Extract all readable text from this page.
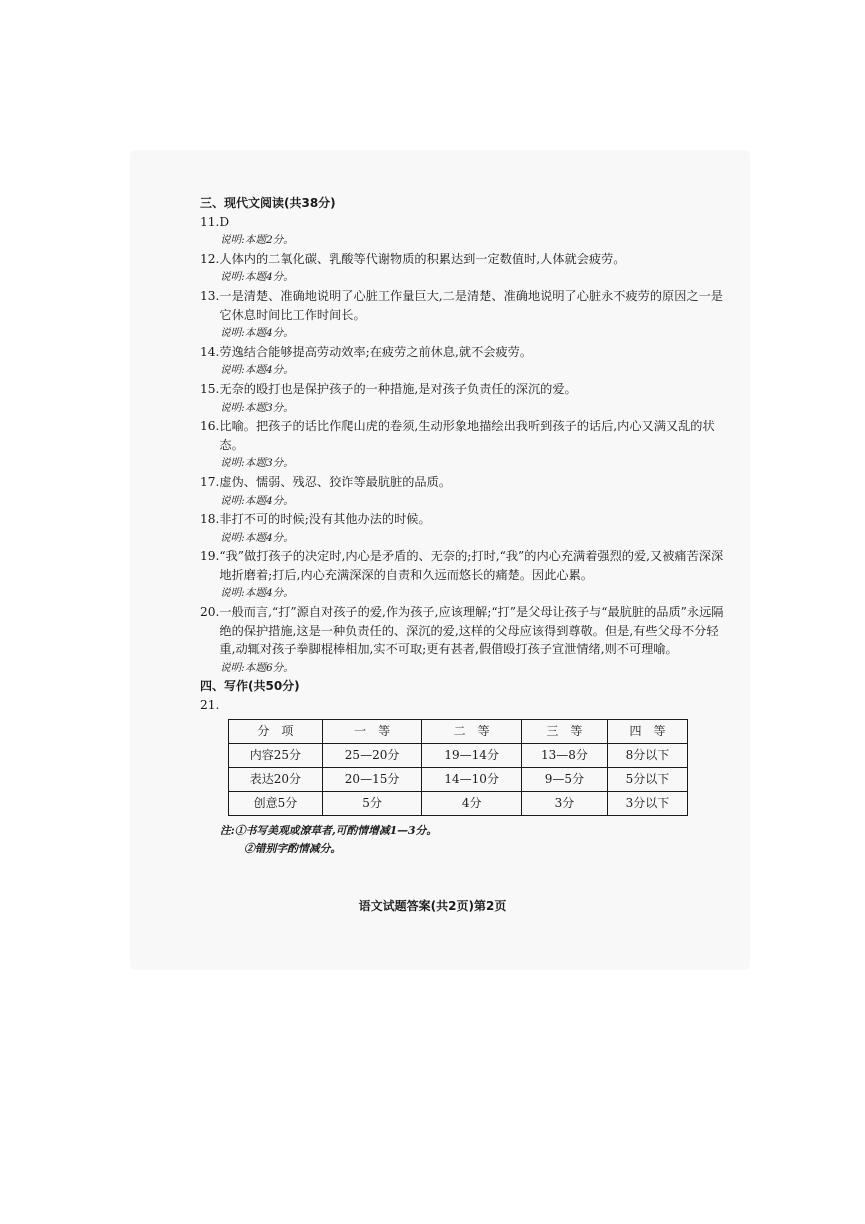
三、现代文阅读(共38分)
11. D
说明:本题2分。
12. 人体内的二氧化碳、乳酸等代谢物质的积累达到一定数值时,人体就会疲劳。
说明:本题4分。
13. 一是清楚、准确地说明了心脏工作量巨大,二是清楚、准确地说明了心脏永不疲劳的原因之一是它休息时间比工作时间长。
说明:本题4分。
14. 劳逸结合能够提高劳动效率;在疲劳之前休息,就不会疲劳。
说明:本题4分。
15. 无奈的殴打也是保护孩子的一种措施,是对孩子负责任的深沉的爱。
说明:本题3分。
16. 比喻。把孩子的话比作爬山虎的卷须,生动形象地描绘出我听到孩子的话后,内心又满又乱的状态。
说明:本题3分。
17. 虚伪、懦弱、残忍、狡诈等最肮脏的品质。
说明:本题4分。
18. 非打不可的时候;没有其他办法的时候。
说明:本题4分。
19. “我”做打孩子的决定时,内心是矛盾的、无奈的;打时,“我”的内心充满着强烈的爱,又被痛苦深深地折磨着;打后,内心充满深深的自责和久远而悠长的痛楚。因此心累。
说明:本题4分。
20. 一般而言,“打”源自对孩子的爱,作为孩子,应该理解;“打”是父母让孩子与“最肮脏的品质”永远隔绝的保护措施,这是一种负责任的、深沉的爱,这样的父母应该得到尊敬。但是,有些父母不分轻重,动辄对孩子拳脚棍棒相加,实不可取;更有甚者,假借殴打孩子宣泄情绪,则不可理喻。
说明:本题6分。
四、写作(共50分)
21.
分　项	一　等	二　等	三　等	四　等
内容25分	25—20分	19—14分	13—8分	8分以下
表达20分	20—15分	14—10分	9—5分	5分以下
创意5分	5分	4分	3分	3分以下
注:①书写美观或潦草者,可酌情增减1—3分。
②错别字酌情减分。
语文试题答案(共2页)第2页
